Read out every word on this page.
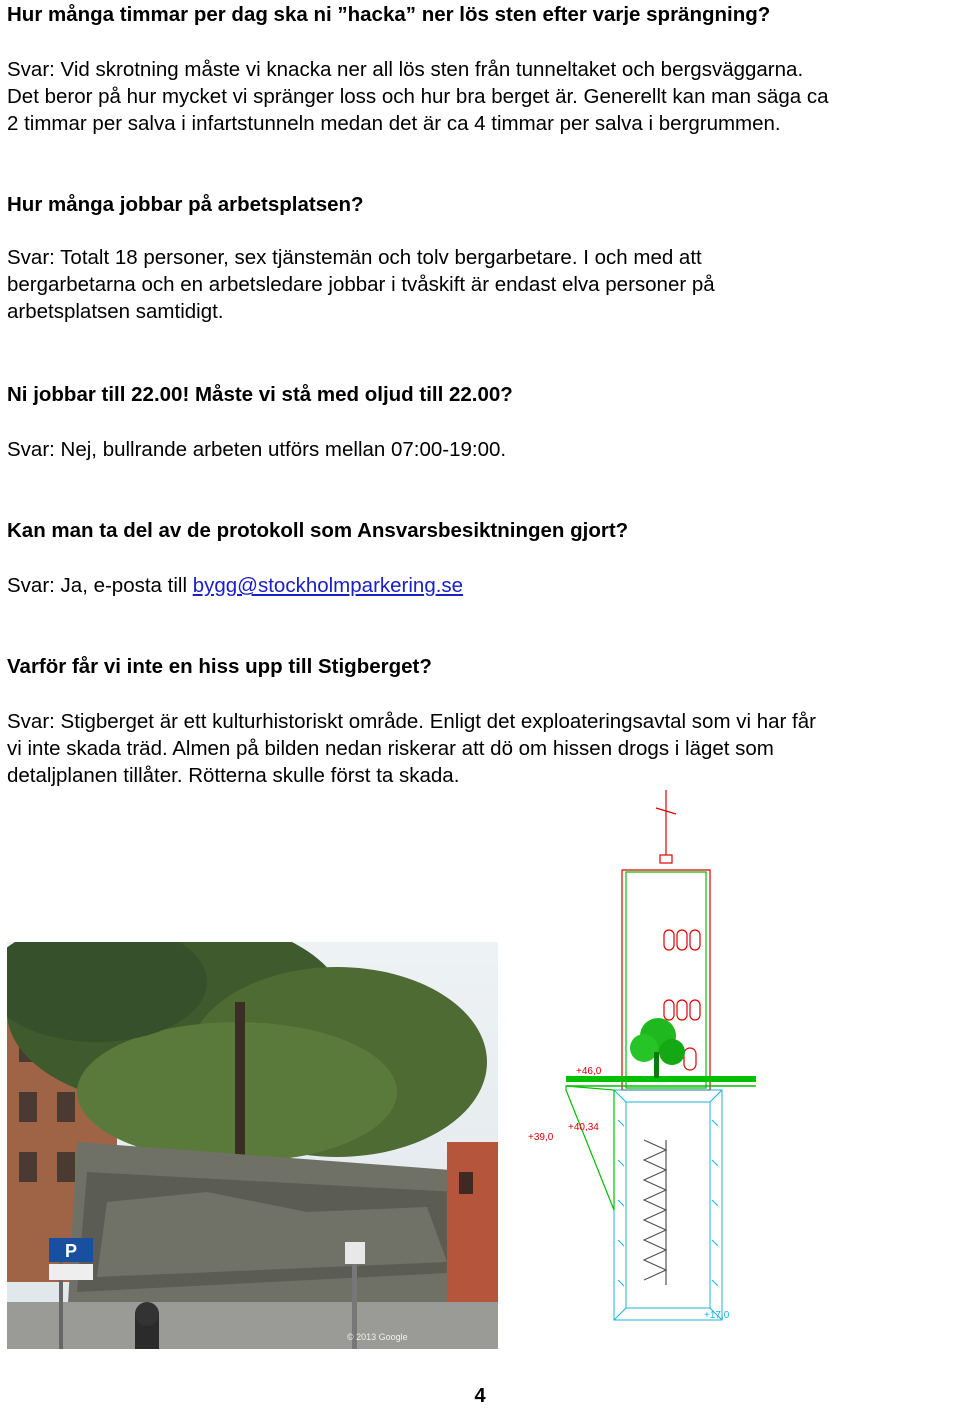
Hur många timmar per dag ska ni ”hacka” ner lös sten efter varje sprängning?

Svar: Vid skrotning måste vi knacka ner all lös sten från tunneltaket och bergsväggarna.
Det beror på hur mycket vi spränger loss och hur bra berget är. Generellt kan man säga ca
2 timmar per salva i infartstunneln medan det är ca 4 timmar per salva i bergrummen.

Hur många jobbar på arbetsplatsen?

Svar: Totalt 18 personer, sex tjänstemän och tolv bergarbetare. I och med att
bergarbetarna och en arbetsledare jobbar i tvåskift är endast elva personer på
arbetsplatsen samtidigt.

Ni jobbar till 22.00! Måste vi stå med oljud till 22.00?

Svar: Nej, bullrande arbeten utförs mellan 07:00-19:00.

Kan man ta del av de protokoll som Ansvarsbesiktningen gjort?

Svar: Ja, e-posta till bygg@stockholmparkering.se

Varför får vi inte en hiss upp till Stigberget?

Svar: Stigberget är ett kulturhistoriskt område. Enligt det exploateringsavtal som vi har får
vi inte skada träd. Almen på bilden nedan riskerar att dö om hissen drogs i läget som
detaljplanen tillåter. Rötterna skulle först ta skada.
P
© 2013 Google
+46,0
+40,34
+39,0
+17,0
4
